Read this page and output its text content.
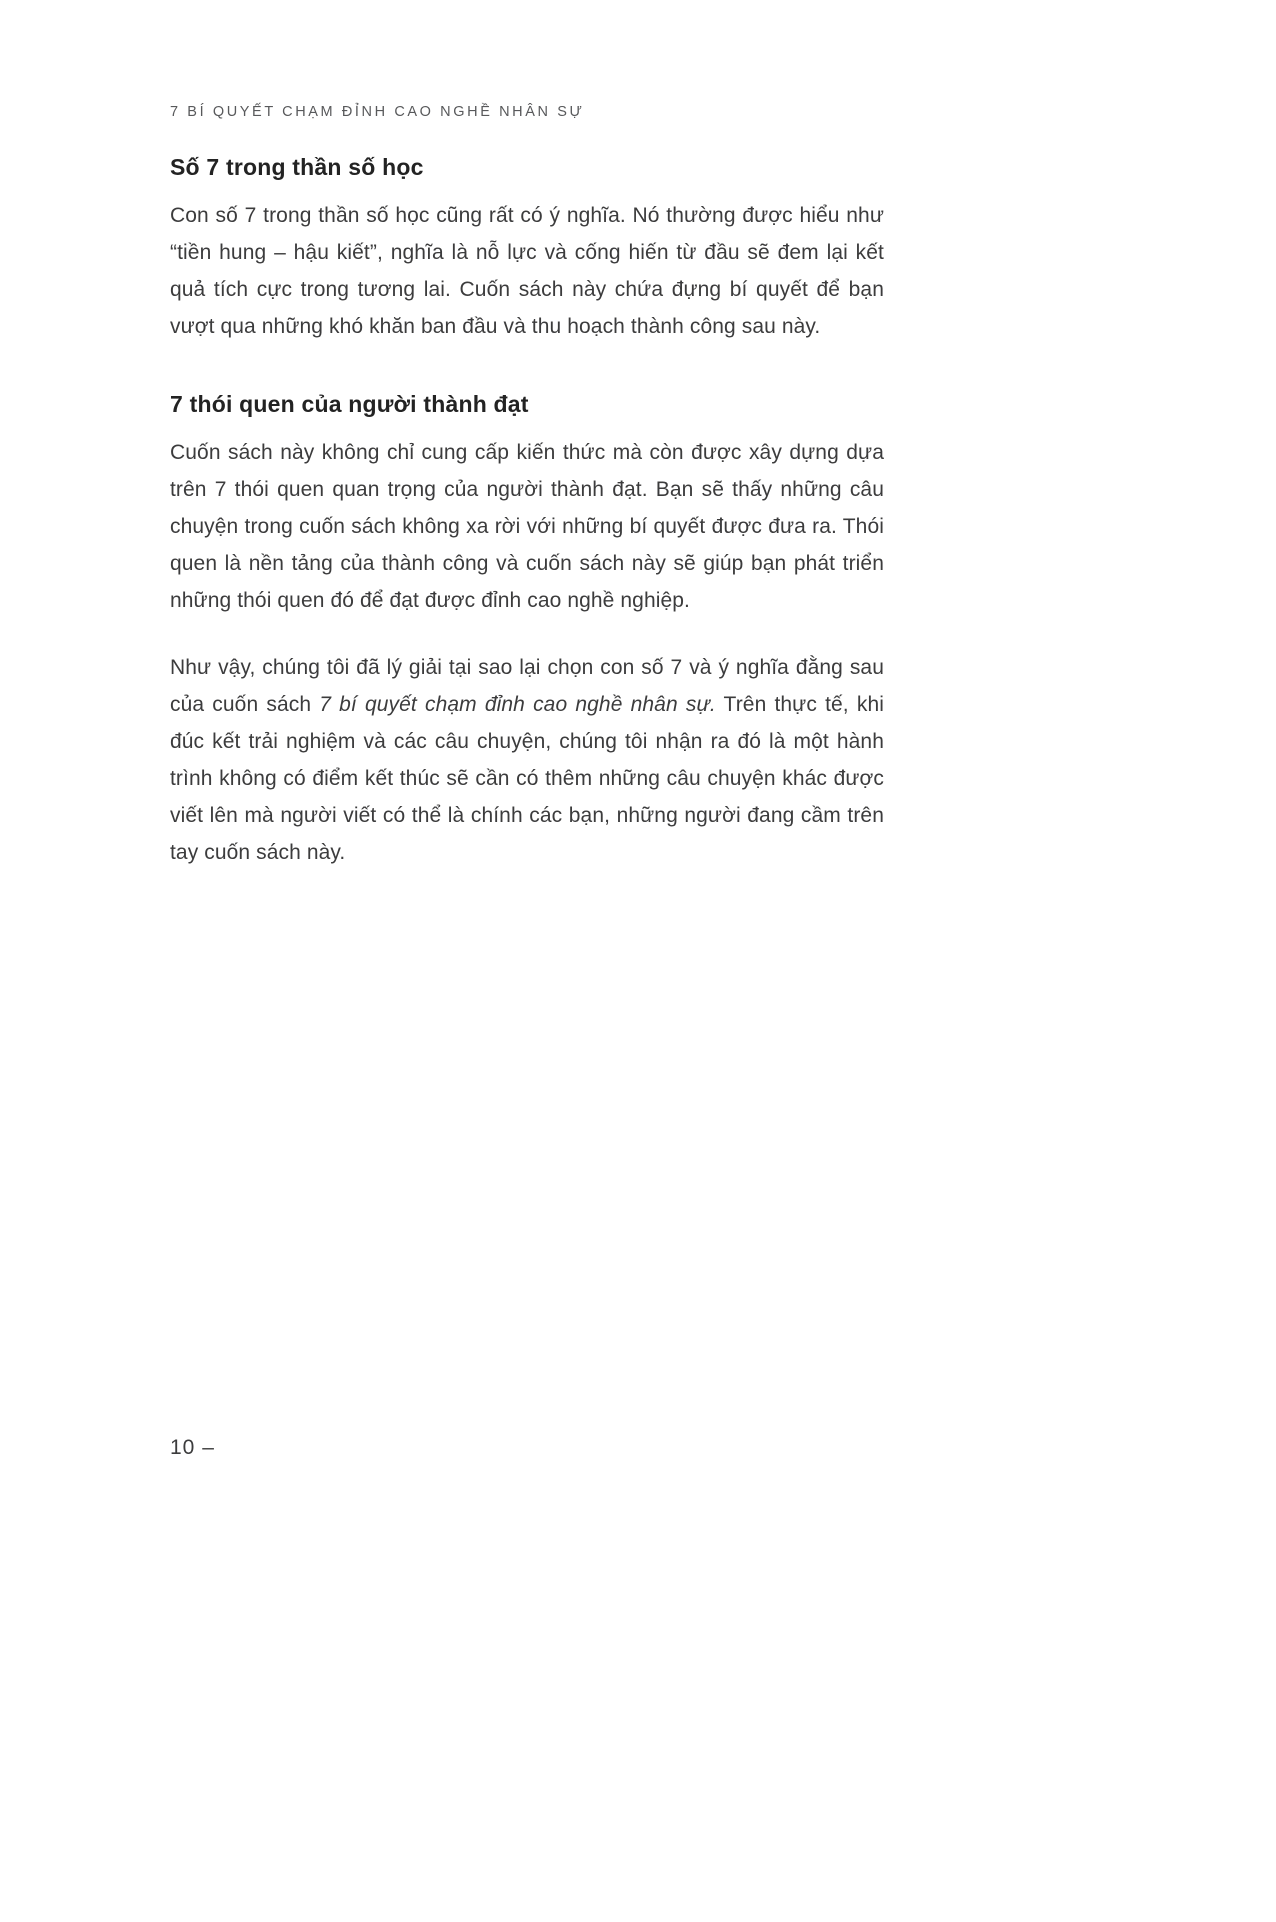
7 BÍ QUYẾT CHẠM ĐỈNH CAO NGHỀ NHÂN SỰ
Số 7 trong thần số học

Con số 7 trong thần số học cũng rất có ý nghĩa. Nó thường được hiểu như “tiền hung – hậu kiết”, nghĩa là nỗ lực và cống hiến từ đầu sẽ đem lại kết quả tích cực trong tương lai. Cuốn sách này chứa đựng bí quyết để bạn vượt qua những khó khăn ban đầu và thu hoạch thành công sau này.

7 thói quen của người thành đạt

Cuốn sách này không chỉ cung cấp kiến thức mà còn được xây dựng dựa trên 7 thói quen quan trọng của người thành đạt. Bạn sẽ thấy những câu chuyện trong cuốn sách không xa rời với những bí quyết được đưa ra. Thói quen là nền tảng của thành công và cuốn sách này sẽ giúp bạn phát triển những thói quen đó để đạt được đỉnh cao nghề nghiệp.

Như vậy, chúng tôi đã lý giải tại sao lại chọn con số 7 và ý nghĩa đằng sau của cuốn sách 7 bí quyết chạm đỉnh cao nghề nhân sự. Trên thực tế, khi đúc kết trải nghiệm và các câu chuyện, chúng tôi nhận ra đó là một hành trình không có điểm kết thúc sẽ cần có thêm những câu chuyện khác được viết lên mà người viết có thể là chính các bạn, những người đang cầm trên tay cuốn sách này.

10 –
